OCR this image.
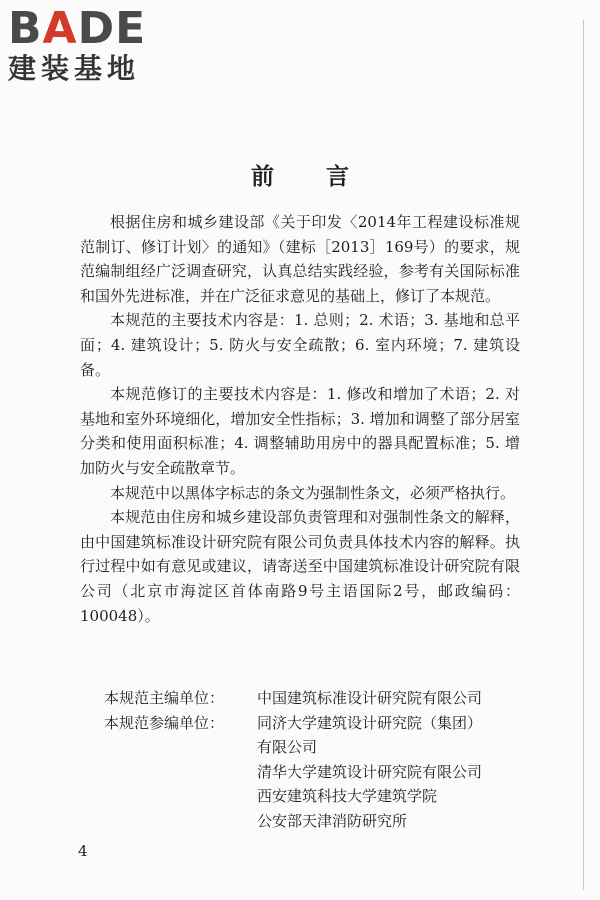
BADE
建装基地
前 言

根据住房和城乡建设部《关于印发〈2014年工程建设标准规范制订、修订计划〉的通知》（建标［2013］169号）的要求，规范编制组经广泛调查研究，认真总结实践经验，参考有关国际标准和国外先进标准，并在广泛征求意见的基础上，修订了本规范。

本规范的主要技术内容是：1. 总则；2. 术语；3. 基地和总平面；4. 建筑设计；5. 防火与安全疏散；6. 室内环境；7. 建筑设备。

本规范修订的主要技术内容是：1. 修改和增加了术语；2. 对基地和室外环境细化，增加安全性指标；3. 增加和调整了部分居室分类和使用面积标准；4. 调整辅助用房中的器具配置标准；5. 增加防火与安全疏散章节。

本规范中以黑体字标志的条文为强制性条文，必须严格执行。

本规范由住房和城乡建设部负责管理和对强制性条文的解释，由中国建筑标准设计研究院有限公司负责具体技术内容的解释。执行过程中如有意见或建议，请寄送至中国建筑标准设计研究院有限公司（北京市海淀区首体南路9号主语国际2号，邮政编码：100048）。

本规范主编单位：	中国建筑标准设计研究院有限公司
本规范参编单位：	同济大学建筑设计研究院（集团）
有限公司
清华大学建筑设计研究院有限公司
西安建筑科技大学建筑学院
公安部天津消防研究所
4
